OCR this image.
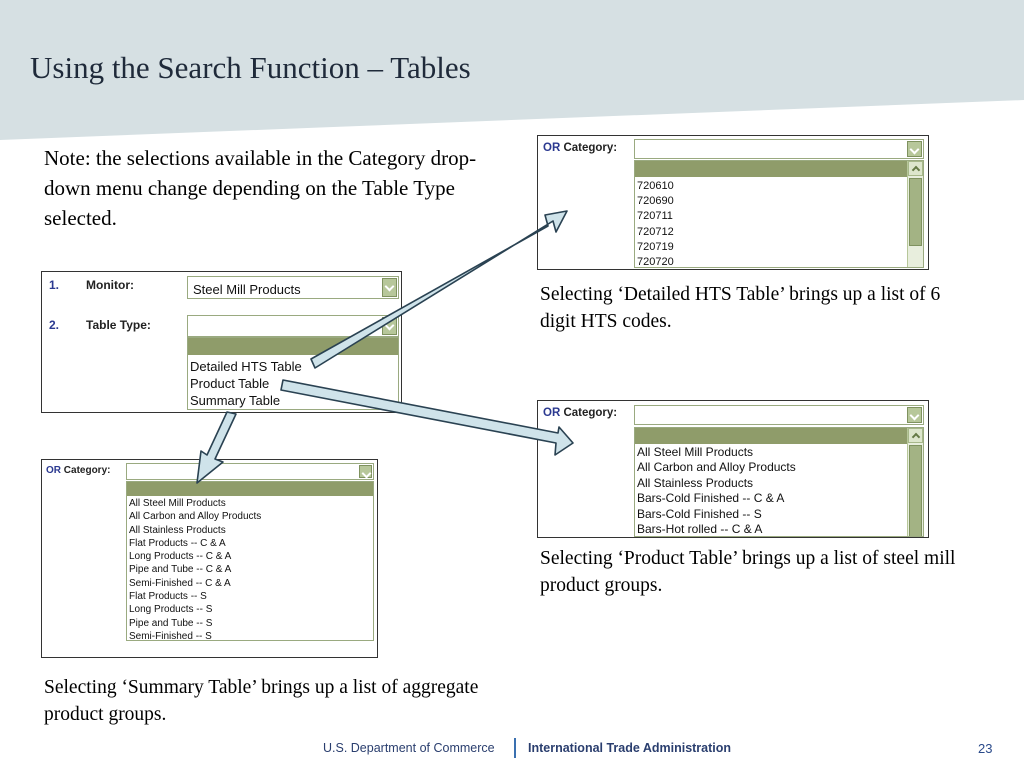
Using the Search Function – Tables
Note: the selections available in the Category drop-down menu change depending on the Table Type selected.
1. Monitor:	Steel Mill Products
2. Table Type:
Detailed HTS Table
Product Table
Summary Table
OR Category:
720610
720690
720711
720712
720719
720720
Selecting ‘Detailed HTS Table’ brings up a list of 6 digit HTS codes.
OR Category:
All Steel Mill Products
All Carbon and Alloy Products
All Stainless Products
Bars-Cold Finished -- C & A
Bars-Cold Finished -- S
Bars-Hot rolled -- C & A
Selecting ‘Product Table’ brings up a list of steel mill product groups.
OR Category:
All Steel Mill Products
All Carbon and Alloy Products
All Stainless Products
Flat Products -- C & A
Long Products -- C & A
Pipe and Tube -- C & A
Semi-Finished -- C & A
Flat Products -- S
Long Products -- S
Pipe and Tube -- S
Semi-Finished -- S
Selecting ‘Summary Table’ brings up a list of aggregate product groups.
U.S. Department of Commerce	International Trade Administration	23
